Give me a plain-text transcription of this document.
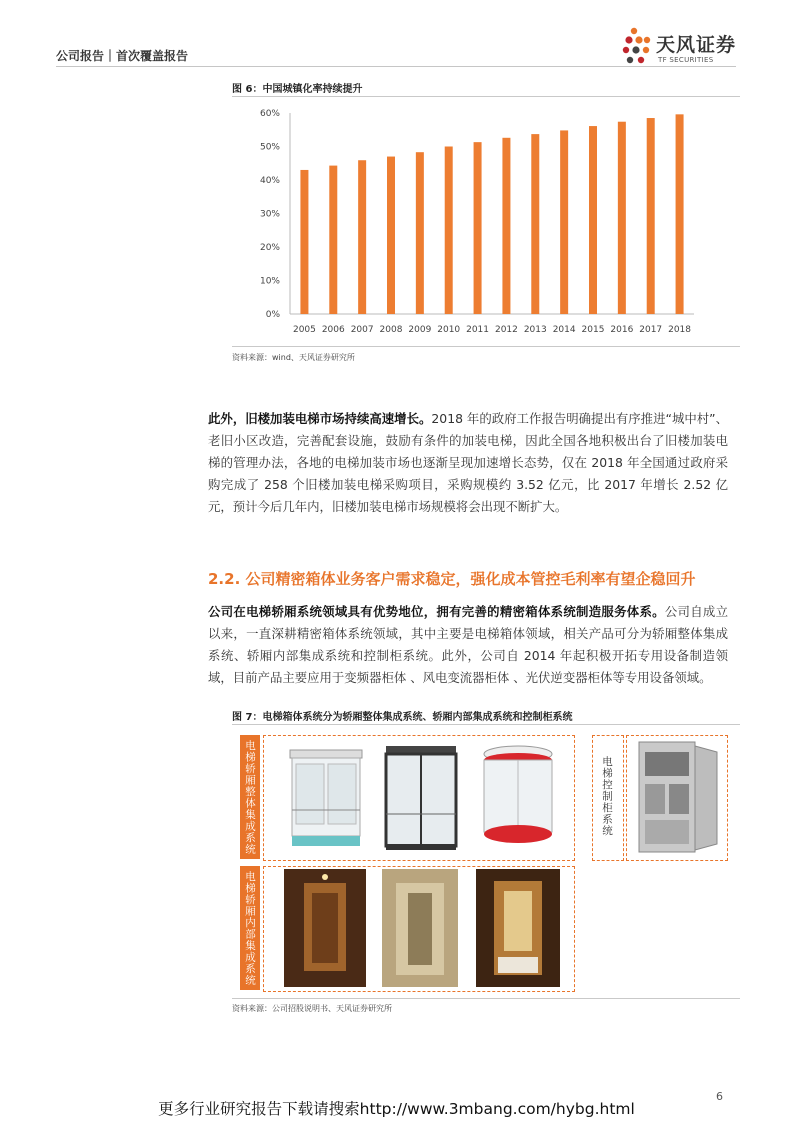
公司报告｜首次覆盖报告	天风证券
TF SECURITIES
图 6：中国城镇化率持续提升
0%
10%
20%
30%
40%
50%
60%
2005 2006 2007 2008 2009 2010 2011 2012 2013 2014 2015 2016 2017 2018
资料来源：wind、天风证券研究所
此外，旧楼加装电梯市场持续高速增长。2018 年的政府工作报告明确提出有序推进“城中村”、老旧小区改造，完善配套设施，鼓励有条件的加装电梯，因此全国各地积极出台了旧楼加装电梯的管理办法，各地的电梯加装市场也逐渐呈现加速增长态势，仅在 2018 年全国通过政府采购完成了 258 个旧楼加装电梯采购项目，采购规模约 3.52 亿元，比 2017 年增长 2.52 亿元，预计今后几年内，旧楼加装电梯市场规模将会出现不断扩大。
2.2. 公司精密箱体业务客户需求稳定，强化成本管控毛利率有望企稳回升
公司在电梯轿厢系统领域具有优势地位，拥有完善的精密箱体系统制造服务体系。公司自成立以来，一直深耕精密箱体系统领域，其中主要是电梯箱体领域，相关产品可分为轿厢整体集成系统、轿厢内部集成系统和控制柜系统。此外，公司自 2014 年起积极开拓专用设备制造领域，目前产品主要应用于变频器柜体 、风电变流器柜体 、光伏逆变器柜体等专用设备领域。
图 7：电梯箱体系统分为轿厢整体集成系统、轿厢内部集成系统和控制柜系统
电梯轿厢整体集成系统
电梯轿厢内部集成系统
电梯控制柜系统
资料来源：公司招股说明书、天风证券研究所
6
更多行业研究报告下载请搜索http://www.3mbang.com/hybg.html
